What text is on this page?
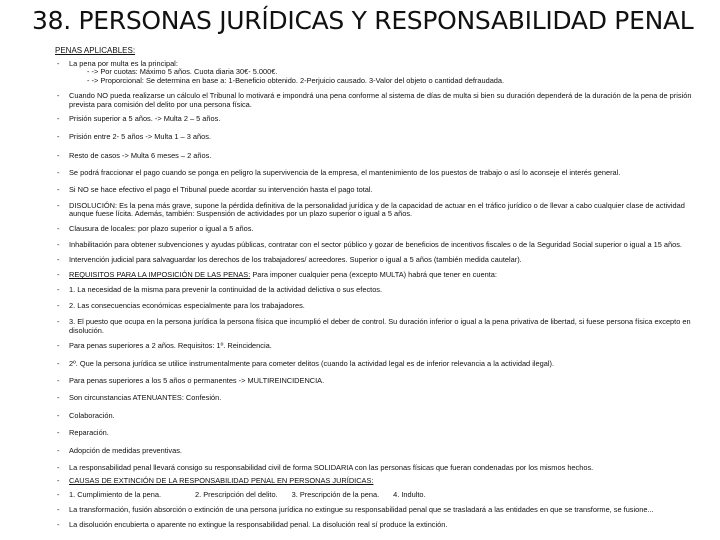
38. PERSONAS JURÍDICAS Y RESPONSABILIDAD PENAL
PENAS APLICABLES:
- La pena por multa es la principal:
- -> Por cuotas: Máximo 5 años. Cuota diaria 30€- 5.000€.
- -> Proporcional: Se determina en base a: 1-Beneficio obtenido. 2-Perjuicio causado. 3-Valor del objeto o cantidad defraudada.
- Cuando NO pueda realizarse un cálculo el Tribunal lo motivará e impondrá una pena conforme al sistema de días de multa si bien su duración dependerá de la duración de la pena de prisión prevista para comisión del delito por una persona física.
- Prisión superior a 5 años. -> Multa 2 – 5 años.
- Prisión entre 2- 5 años -> Multa 1 – 3 años.
- Resto de casos -> Multa 6 meses – 2 años.
- Se podrá fraccionar el pago cuando se ponga en peligro la supervivencia de la empresa, el mantenimiento de los puestos de trabajo o así lo aconseje el interés general.
- Si NO se hace efectivo el pago el Tribunal puede acordar su intervención hasta el pago total.
- DISOLUCIÓN: Es la pena más grave, supone la pérdida definitiva de la personalidad jurídica y de la capacidad de actuar en el tráfico jurídico o de llevar a cabo cualquier clase de actividad aunque fuese lícita. Además, también: Suspensión de actividades por un plazo superior o igual a 5 años.
- Clausura de locales: por plazo superior o igual a 5 años.
- Inhabilitación para obtener subvenciones y ayudas públicas, contratar con el sector público y gozar de beneficios de incentivos fiscales o de la Seguridad Social superior o igual a 15 años.
- Intervención judicial para salvaguardar los derechos de los trabajadores/ acreedores. Superior o igual a 5 años (también medida cautelar).
- REQUISITOS PARA LA IMPOSICIÓN DE LAS PENAS: Para imponer cualquier pena (excepto MULTA) habrá que tener en cuenta:
- 1. La necesidad de la misma para prevenir la continuidad de la actividad delictiva o sus efectos.
- 2. Las consecuencias económicas especialmente para los trabajadores.
- 3. El puesto que ocupa en la persona jurídica la persona física que incumplió el deber de control. Su duración inferior o igual a la pena privativa de libertad, si fuese persona física excepto en disolución.
- Para penas superiores a 2 años. Requisitos: 1º. Reincidencia.
- 2º. Que la persona jurídica se utilice instrumentalmente para cometer delitos (cuando la actividad legal es de inferior relevancia a la actividad ilegal).
- Para penas superiores a los 5 años o permanentes -> MULTIREINCIDENCIA.
- Son circunstancias ATENUANTES: Confesión.
- Colaboración.
- Reparación.
- Adopción de medidas preventivas.
- La responsabilidad penal llevará consigo su responsabilidad civil de forma SOLIDARIA con las personas físicas que fueran condenadas por los mismos hechos.
- CAUSAS DE EXTINCIÓN DE LA RESPONSABILIDAD PENAL EN PERSONAS JURÍDICAS:
- 1. Cumplimiento de la pena.	2. Prescripción del delito. 3. Prescripción de la pena. 4. Indulto.
- La transformación, fusión absorción o extinción de una persona jurídica no extingue su responsabilidad penal que se trasladará a las entidades en que se transforme, se fusione...
- La disolución encubierta o aparente no extingue la responsabilidad penal. La disolución real sí produce la extinción.
